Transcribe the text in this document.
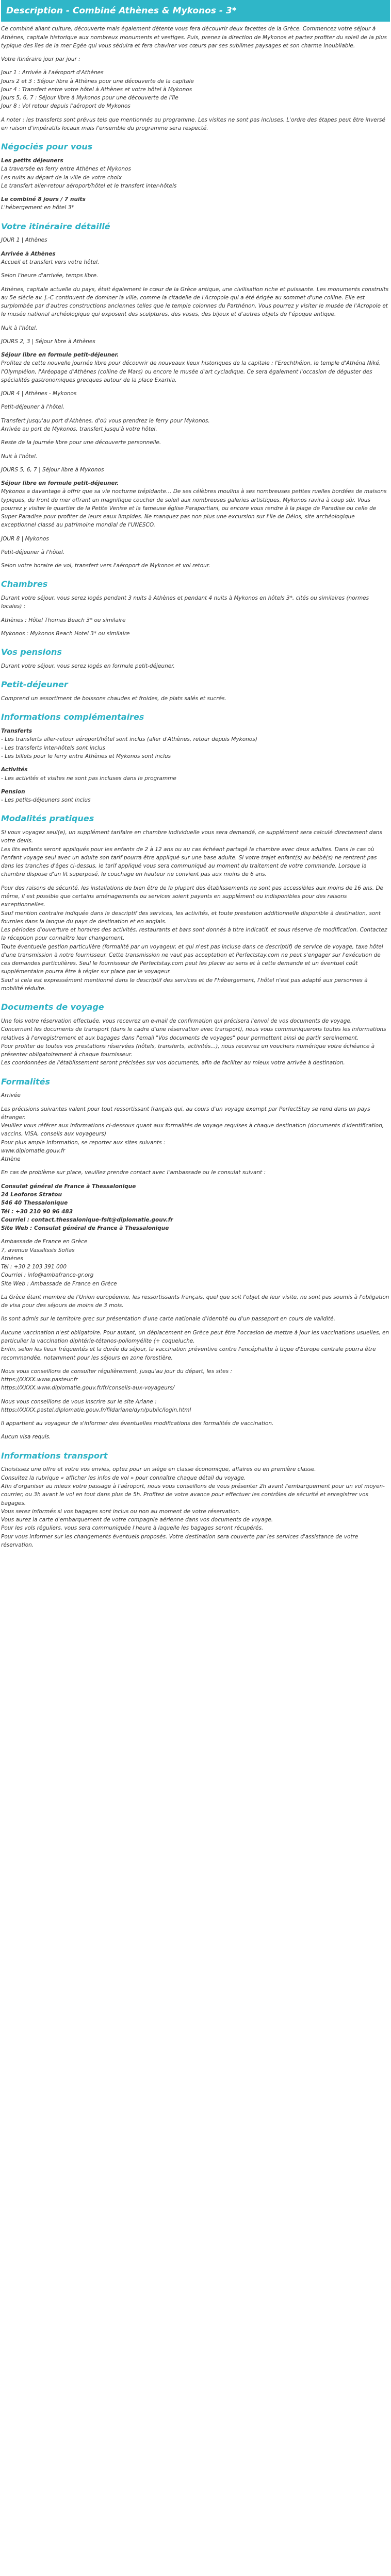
Description - Combiné Athènes & Mykonos - 3*

Ce combiné allant culture, découverte mais également détente vous fera découvrir deux facettes de la Grèce. Commencez votre séjour à Athènes, capitale historique aux nombreux monuments et vestiges. Puis, prenez la direction de Mykonos et partez profiter du soleil de la plus typique des îles de la mer Egée qui vous séduira et fera chavirer vos cœurs par ses sublimes paysages et son charme inoubliable.

Votre itinéraire jour par jour :

Jour 1 : Arrivée à l'aéroport d'Athènes
Jours 2 et 3 : Séjour libre à Athènes pour une découverte de la capitale
Jour 4 : Transfert entre votre hôtel à Athènes et votre hôtel à Mykonos
Jours 5, 6, 7 : Séjour libre à Mykonos pour une découverte de l'île
Jour 8 : Vol retour depuis l'aéroport de Mykonos

A noter : les transferts sont prévus tels que mentionnés au programme. Les visites ne sont pas incluses. L'ordre des étapes peut être inversé en raison d'impératifs locaux mais l'ensemble du programme sera respecté.

Négociés pour vous
Les petits déjeuners

La traversée en ferry entre Athènes et Mykonos
Les nuits au départ de la ville de votre choix
Le transfert aller-retour aéroport/hôtel et le transfert inter-hôtels

Le combiné 8 jours / 7 nuits

L'hébergement en hôtel 3*

Votre itinéraire détaillé

JOUR 1 | Athènes

Arrivée à Athènes

Accueil et transfert vers votre hôtel.

Selon l'heure d'arrivée, temps libre.

Athènes, capitale actuelle du pays, était également le cœur de la Grèce antique, une civilisation riche et puissante. Les monuments construits au 5e siècle av. J.-C continuent de dominer la ville, comme la citadelle de l'Acropole qui a été érigée au sommet d'une colline. Elle est surplombée par d'autres constructions anciennes telles que le temple colonnes du Parthénon. Vous pourrez y visiter le musée de l'Acropole et le musée national archéologique qui exposent des sculptures, des vases, des bijoux et d'autres objets de l'époque antique.

Nuit à l'hôtel.

JOURS 2, 3 | Séjour libre à Athènes

Séjour libre en formule petit-déjeuner.

Profitez de cette nouvelle journée libre pour découvrir de nouveaux lieux historiques de la capitale : l'Erechthéion, le temple d'Athéna Niké, l'Olympiéion, l'Aréopage d'Athènes (colline de Mars) ou encore le musée d'art cycladique. Ce sera également l'occasion de déguster des spécialités gastronomiques grecques autour de la place Exarhia.

JOUR 4 | Athènes - Mykonos

Petit-déjeuner à l'hôtel.

Transfert jusqu'au port d'Athènes, d'où vous prendrez le ferry pour Mykonos.
Arrivée au port de Mykonos, transfert jusqu'à votre hôtel.

Reste de la journée libre pour une découverte personnelle.

Nuit à l'hôtel.

JOURS 5, 6, 7 | Séjour libre à Mykonos

Séjour libre en formule petit-déjeuner.

Mykonos a davantage à offrir que sa vie nocturne trépidante… De ses célèbres moulins à ses nombreuses petites ruelles bordées de maisons typiques, du front de mer offrant un magnifique coucher de soleil aux nombreuses galeries artistiques, Mykonos ravira à coup sûr. Vous pourrez y visiter le quartier de la Petite Venise et la fameuse église Paraportiani, ou encore vous rendre à la plage de Paradise ou celle de Super Paradise pour profiter de leurs eaux limpides. Ne manquez pas non plus une excursion sur l'île de Délos, site archéologique exceptionnel classé au patrimoine mondial de l'UNESCO.

JOUR 8 | Mykonos

Petit-déjeuner à l'hôtel.

Selon votre horaire de vol, transfert vers l'aéroport de Mykonos et vol retour.

Chambres

Durant votre séjour, vous serez logés pendant 3 nuits à Athènes et pendant 4 nuits à Mykonos en hôtels 3*, cités ou similaires (normes locales) :

Athènes : Hôtel Thomas Beach 3* ou similaire

Mykonos : Mykonos Beach Hotel 3* ou similaire

Vos pensions

Durant votre séjour, vous serez logés en formule petit-déjeuner.

Petit-déjeuner

Comprend un assortiment de boissons chaudes et froides, de plats salés et sucrés.

Informations complémentaires
Transferts

- Les transferts aller-retour aéroport/hôtel sont inclus (aller d'Athènes, retour depuis Mykonos)
- Les transferts inter-hôtels sont inclus
- Les billets pour le ferry entre Athènes et Mykonos sont inclus

Activités

- Les activités et visites ne sont pas incluses dans le programme

Pension

- Les petits-déjeuners sont inclus

Modalités pratiques

Si vous voyagez seul(e), un supplément tarifaire en chambre individuelle vous sera demandé, ce supplément sera calculé directement dans votre devis.
Les lits enfants seront appliqués pour les enfants de 2 à 12 ans ou au cas échéant partagé la chambre avec deux adultes. Dans le cas où l'enfant voyage seul avec un adulte son tarif pourra être appliqué sur une base adulte. Si votre trajet enfant(s) au bébé(s) ne rentrent pas dans les tranches d'âges ci-dessus, le tarif appliqué vous sera communiqué au moment du traitement de votre commande. Lorsque la chambre dispose d'un lit superposé, le couchage en hauteur ne convient pas aux moins de 6 ans.

Pour des raisons de sécurité, les installations de bien être de la plupart des établissements ne sont pas accessibles aux moins de 16 ans. De même, il est possible que certains aménagements ou services soient payants en supplément ou indisponibles pour des raisons exceptionnelles.
Sauf mention contraire indiquée dans le descriptif des services, les activités, et toute prestation additionnelle disponible à destination, sont fournies dans la langue du pays de destination et en anglais.
Les périodes d'ouverture et horaires des activités, restaurants et bars sont donnés à titre indicatif, et sous réserve de modification. Contactez la réception pour connaître leur changement.
Toute éventuelle gestion particulière (formalité par un voyageur, et qui n'est pas incluse dans ce descriptif) de service de voyage, taxe hôtel d'une transmission à notre fournisseur. Cette transmission ne vaut pas acceptation et Perfectstay.com ne peut s'engager sur l'exécution de ces demandes particulières. Seul le fournisseur de Perfectstay.com peut les placer au sens et à cette demande et un éventuel coût supplémentaire pourra être à régler sur place par le voyageur.
Sauf si cela est expressément mentionné dans le descriptif des services et de l'hébergement, l'hôtel n'est pas adapté aux personnes à mobilité réduite.

Documents de voyage

Une fois votre réservation effectuée, vous recevrez un e-mail de confirmation qui précisera l'envoi de vos documents de voyage.
Concernant les documents de transport (dans le cadre d'une réservation avec transport), nous vous communiquerons toutes les informations relatives à l'enregistrement et aux bagages dans l'email "Vos documents de voyages" pour permettent ainsi de partir sereinement.
Pour profiter de toutes vos prestations réservées (hôtels, transferts, activités...), nous recevrez un vouchers numérique votre échéance à présenter obligatoirement à chaque fournisseur.
Les coordonnées de l'établissement seront précisées sur vos documents, afin de faciliter au mieux votre arrivée à destination.

Formalités

Arrivée

Les précisions suivantes valent pour tout ressortissant français qui, au cours d'un voyage exempt par PerfectStay se rend dans un pays étranger.
Veuillez vous référer aux informations ci-dessous quant aux formalités de voyage requises à chaque destination (documents d'identification, vaccins, VISA, conseils aux voyageurs)
Pour plus ample information, se reporter aux sites suivants :
www.diplomatie.gouv.fr
Athène

En cas de problème sur place, veuillez prendre contact avec l'ambassade ou le consulat suivant :

Consulat général de France à Thessalonique
24 Leoforos Stratou
546 40 Thessalonique
Tél : +30 210 90 96 483
Courriel : contact.thessalonique-fslt@diplomatie.gouv.fr
Site Web : Consulat général de France à Thessalonique

Ambassade de France en Grèce
7, avenue Vassilissis Sofias
Athènes
Tél : +30 2 103 391 000
Courriel : info@ambafrance-gr.org
Site Web : Ambassade de France en Grèce

La Grèce étant membre de l'Union européenne, les ressortissants français, quel que soit l'objet de leur visite, ne sont pas soumis à l'obligation de visa pour des séjours de moins de 3 mois.

Ils sont admis sur le territoire grec sur présentation d'une carte nationale d'identité ou d'un passeport en cours de validité.

Aucune vaccination n'est obligatoire. Pour autant, un déplacement en Grèce peut être l'occasion de mettre à jour les vaccinations usuelles, en particulier la vaccination diphtérie-tétanos-poliomyélite (+ coqueluche.
Enfin, selon les lieux fréquentés et la durée du séjour, la vaccination préventive contre l'encéphalite à tique d'Europe centrale pourra être recommandée, notamment pour les séjours en zone forestière.

Nous vous conseillons de consulter régulièrement, jusqu'au jour du départ, les sites :
https://XXXX.www.pasteur.fr
https://XXXX.www.diplomatie.gouv.fr/fr/conseils-aux-voyageurs/

Nous vous conseillons de vous inscrire sur le site Ariane :
https://XXXX.pastel.diplomatie.gouv.fr/fildariane/dyn/public/login.html

Il appartient au voyageur de s'informer des éventuelles modifications des formalités de vaccination.

Aucun visa requis.

Informations transport

Choisissez une offre et votre vos envies, optez pour un siège en classe économique, affaires ou en première classe.
Consultez la rubrique « afficher les infos de vol » pour connaître chaque détail du voyage.
Afin d'organiser au mieux votre passage à l'aéroport, nous vous conseillons de vous présenter 2h avant l'embarquement pour un vol moyen-courrier, ou 3h avant le vol en tout dans plus de 5h. Profitez de votre avance pour effectuer les contrôles de sécurité et enregistrer vos bagages.
Vous serez informés si vos bagages sont inclus ou non au moment de votre réservation.
Vous aurez la carte d'embarquement de votre compagnie aérienne dans vos documents de voyage.
Pour les vols réguliers, vous sera communiquée l'heure à laquelle les bagages seront récupérés.
Pour vous informer sur les changements éventuels proposés. Votre destination sera couverte par les services d'assistance de votre réservation.
